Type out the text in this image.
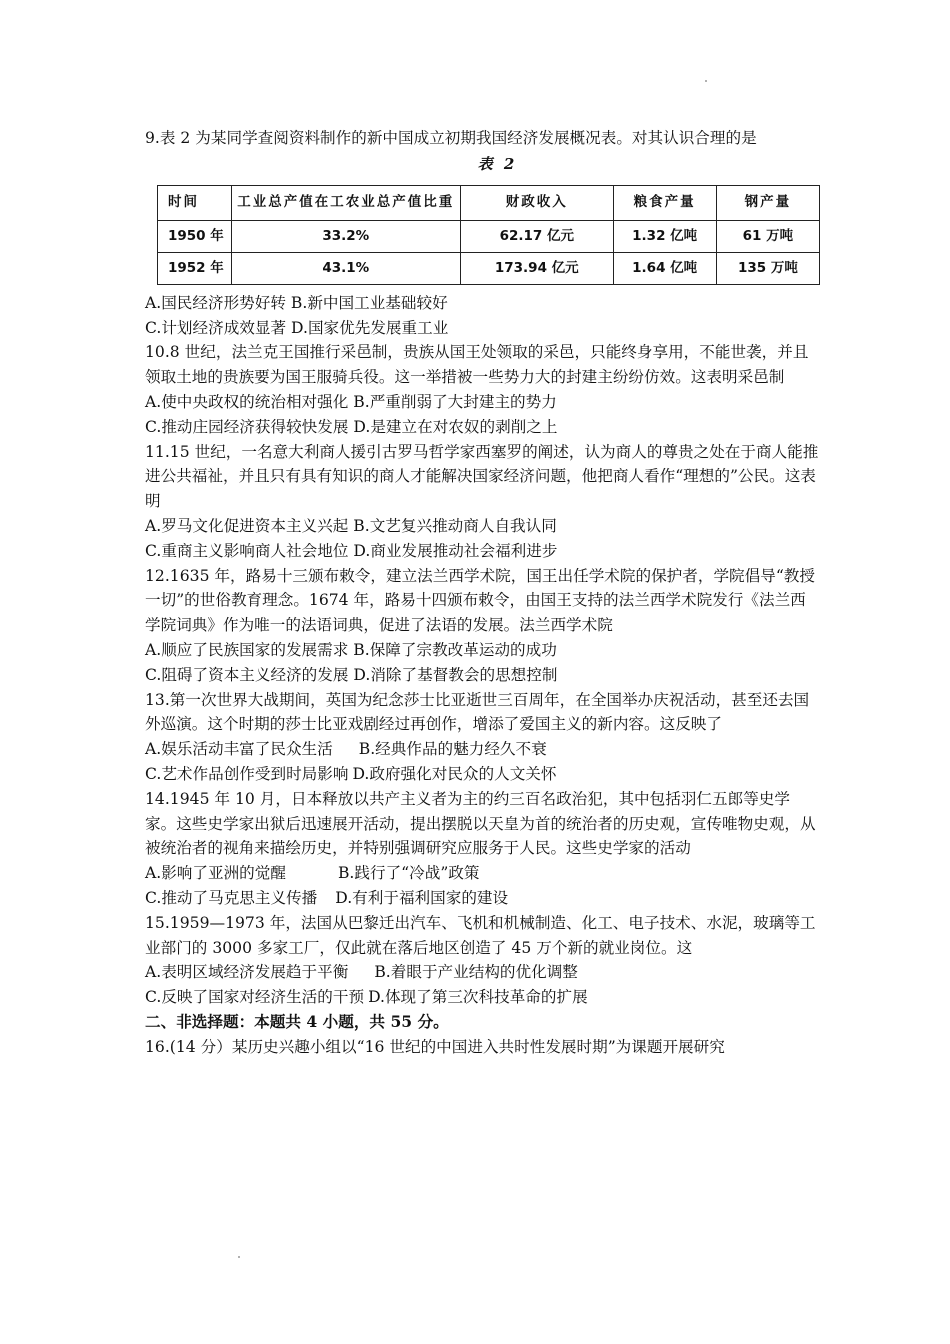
9.表 2 为某同学查阅资料制作的新中国成立初期我国经济发展概况表。对其认识合理的是

表 2
时间	工业总产值在工农业总产值比重	财政收入	粮食产量	钢产量
1950 年	33.2%	62.17 亿元	1.32 亿吨	61 万吨
1952 年	43.1%	173.94 亿元	1.64 亿吨	135 万吨

A.国民经济形势好转 B.新中国工业基础较好

C.计划经济成效显著 D.国家优先发展重工业

10.8 世纪，法兰克王国推行采邑制，贵族从国王处领取的采邑，只能终身享用，不能世袭，并且领取土地的贵族要为国王服骑兵役。这一举措被一些势力大的封建主纷纷仿效。这表明采邑制

A.使中央政权的统治相对强化 B.严重削弱了大封建主的势力

C.推动庄园经济获得较快发展 D.是建立在对农奴的剥削之上

11.15 世纪，一名意大利商人援引古罗马哲学家西塞罗的阐述，认为商人的尊贵之处在于商人能推进公共福祉，并且只有具有知识的商人才能解决国家经济问题，他把商人看作“理想的”公民。这表明

A.罗马文化促进资本主义兴起 B.文艺复兴推动商人自我认同

C.重商主义影响商人社会地位 D.商业发展推动社会福利进步

12.1635 年，路易十三颁布敕令，建立法兰西学术院，国王出任学术院的保护者，学院倡导“教授一切”的世俗教育理念。1674 年，路易十四颁布敕令，由国王支持的法兰西学术院发行《法兰西学院词典》作为唯一的法语词典，促进了法语的发展。法兰西学术院

A.顺应了民族国家的发展需求 B.保障了宗教改革运动的成功

C.阻碍了资本主义经济的发展 D.消除了基督教会的思想控制

13.第一次世界大战期间，英国为纪念莎士比亚逝世三百周年，在全国举办庆祝活动，甚至还去国外巡演。这个时期的莎士比亚戏剧经过再创作，增添了爱国主义的新内容。这反映了

A.娱乐活动丰富了民众生活 B.经典作品的魅力经久不衰

C.艺术作品创作受到时局影响 D.政府强化对民众的人文关怀

14.1945 年 10 月，日本释放以共产主义者为主的约三百名政治犯，其中包括羽仁五郎等史学家。这些史学家出狱后迅速展开活动，提出摆脱以天皇为首的统治者的历史观，宣传唯物史观，从被统治者的视角来描绘历史，并特别强调研究应服务于人民。这些史学家的活动

A.影响了亚洲的觉醒	B.践行了“冷战”政策

C.推动了马克思主义传播 D.有利于福利国家的建设

15.1959—1973 年，法国从巴黎迁出汽车、飞机和机械制造、化工、电子技术、水泥，玻璃等工业部门的 3000 多家工厂，仅此就在落后地区创造了 45 万个新的就业岗位。这

A.表明区域经济发展趋于平衡 B.着眼于产业结构的优化调整

C.反映了国家对经济生活的干预 D.体现了第三次科技革命的扩展

二、非选择题：本题共 4 小题，共 55 分。

16.(14 分）某历史兴趣小组以“16 世纪的中国进入共时性发展时期”为课题开展研究
